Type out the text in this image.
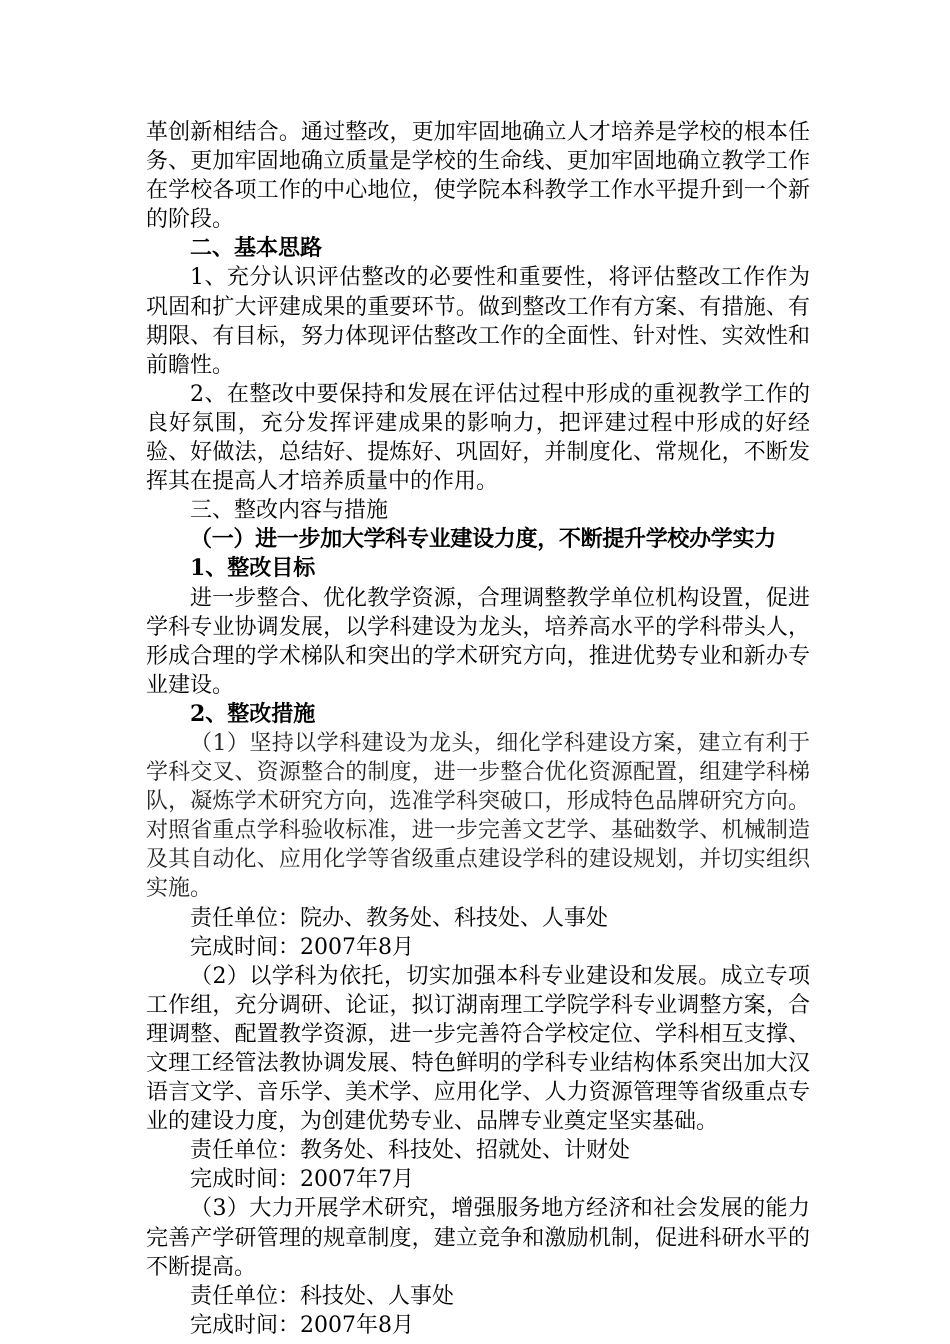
革创新相结合。通过整改，更加牢固地确立人才培养是学校的根本任务、更加牢固地确立质量是学校的生命线、更加牢固地确立教学工作在学校各项工作的中心地位，使学院本科教学工作水平提升到一个新的阶段。

二、基本思路

1、充分认识评估整改的必要性和重要性，将评估整改工作作为巩固和扩大评建成果的重要环节。做到整改工作有方案、有措施、有期限、有目标，努力体现评估整改工作的全面性、针对性、实效性和前瞻性。

2、在整改中要保持和发展在评估过程中形成的重视教学工作的良好氛围，充分发挥评建成果的影响力，把评建过程中形成的好经验、好做法，总结好、提炼好、巩固好，并制度化、常规化，不断发挥其在提高人才培养质量中的作用。

三、整改内容与措施

（一）进一步加大学科专业建设力度，不断提升学校办学实力

1、整改目标

进一步整合、优化教学资源，合理调整教学单位机构设置，促进学科专业协调发展，以学科建设为龙头，培养高水平的学科带头人，形成合理的学术梯队和突出的学术研究方向，推进优势专业和新办专业建设。

2、整改措施

（1）坚持以学科建设为龙头，细化学科建设方案，建立有利于学科交叉、资源整合的制度，进一步整合优化资源配置，组建学科梯队，凝炼学术研究方向，选准学科突破口，形成特色品牌研究方向。对照省重点学科验收标准，进一步完善文艺学、基础数学、机械制造及其自动化、应用化学等省级重点建设学科的建设规划，并切实组织实施。

责任单位：院办、教务处、科技处、人事处

完成时间：2007年8月

（2）以学科为依托，切实加强本科专业建设和发展。成立专项工作组，充分调研、论证，拟订湖南理工学院学科专业调整方案，合理调整、配置教学资源，进一步完善符合学校定位、学科相互支撑、文理工经管法教协调发展、特色鲜明的学科专业结构体系突出加大汉语言文学、音乐学、美术学、应用化学、人力资源管理等省级重点专业的建设力度，为创建优势专业、品牌专业奠定坚实基础。

责任单位：教务处、科技处、招就处、计财处

完成时间：2007年7月

（3）大力开展学术研究，增强服务地方经济和社会发展的能力完善产学研管理的规章制度，建立竞争和激励机制，促进科研水平的不断提高。

责任单位：科技处、人事处

完成时间：2007年8月
